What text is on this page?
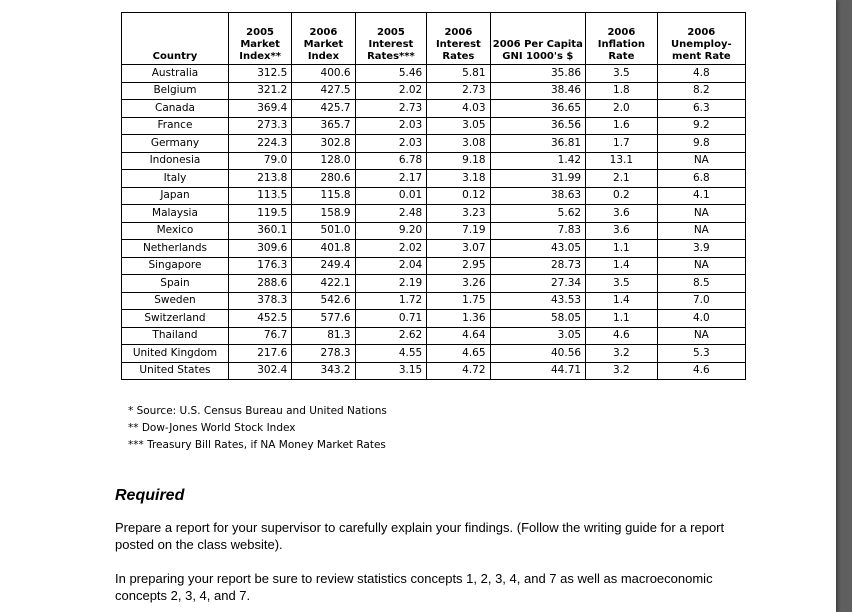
Country	2005 Market Index**	2006 Market Index	2005 Interest Rates***	2006 Interest Rates	2006 Per Capita GNI 1000's $	2006 Inflation Rate	2006 Unemploy-ment Rate
Australia	312.5	400.6	5.46	5.81	35.86	3.5	4.8
Belgium	321.2	427.5	2.02	2.73	38.46	1.8	8.2
Canada	369.4	425.7	2.73	4.03	36.65	2.0	6.3
France	273.3	365.7	2.03	3.05	36.56	1.6	9.2
Germany	224.3	302.8	2.03	3.08	36.81	1.7	9.8
Indonesia	79.0	128.0	6.78	9.18	1.42	13.1	NA
Italy	213.8	280.6	2.17	3.18	31.99	2.1	6.8
Japan	113.5	115.8	0.01	0.12	38.63	0.2	4.1
Malaysia	119.5	158.9	2.48	3.23	5.62	3.6	NA
Mexico	360.1	501.0	9.20	7.19	7.83	3.6	NA
Netherlands	309.6	401.8	2.02	3.07	43.05	1.1	3.9
Singapore	176.3	249.4	2.04	2.95	28.73	1.4	NA
Spain	288.6	422.1	2.19	3.26	27.34	3.5	8.5
Sweden	378.3	542.6	1.72	1.75	43.53	1.4	7.0
Switzerland	452.5	577.6	0.71	1.36	58.05	1.1	4.0
Thailand	76.7	81.3	2.62	4.64	3.05	4.6	NA
United Kingdom	217.6	278.3	4.55	4.65	40.56	3.2	5.3
United States	302.4	343.2	3.15	4.72	44.71	3.2	4.6
* Source: U.S. Census Bureau and United Nations
** Dow-Jones World Stock Index
*** Treasury Bill Rates, if NA Money Market Rates
Required
Prepare a report for your supervisor to carefully explain your findings. (Follow the writing guide for a report posted on the class website).
In preparing your report be sure to review statistics concepts 1, 2, 3, 4, and 7 as well as macroeconomic concepts 2, 3, 4, and 7.
